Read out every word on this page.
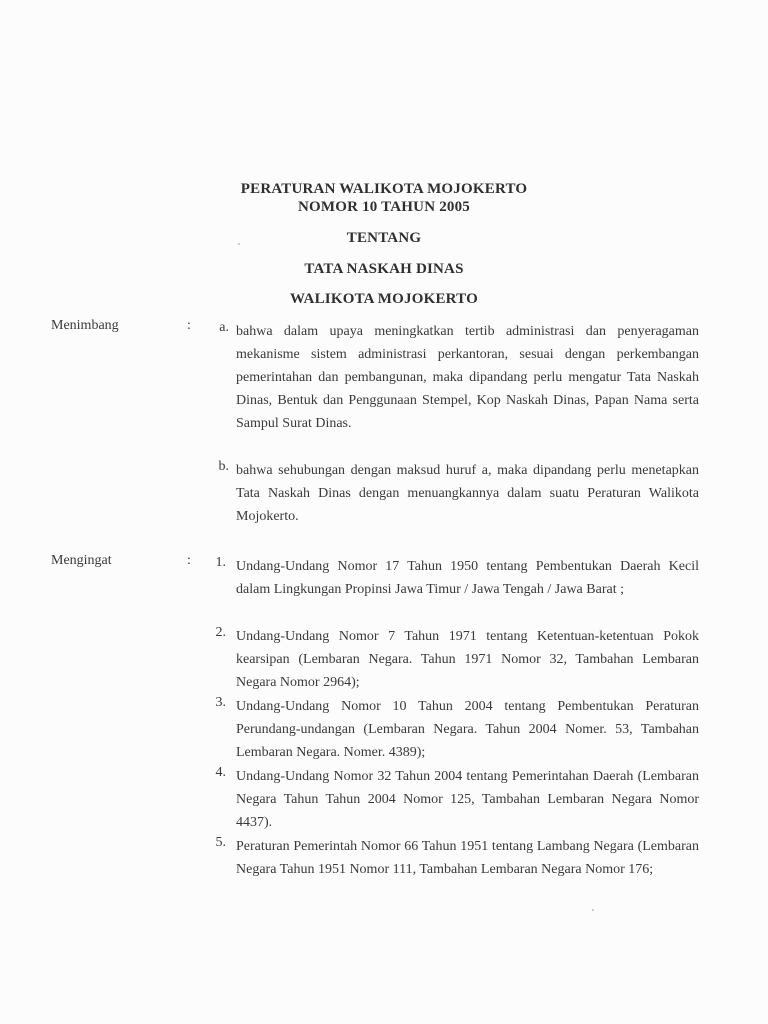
PERATURAN WALIKOTA MOJOKERTO
NOMOR 10 TAHUN 2005
TENTANG
TATA NASKAH DINAS
WALIKOTA MOJOKERTO
Menimbang	:	a. bahwa dalam upaya meningkatkan tertib administrasi dan penyeragaman mekanisme sistem administrasi perkantoran, sesuai dengan perkembangan pemerintahan dan pembangunan, maka dipandang perlu mengatur Tata Naskah Dinas, Bentuk dan Penggunaan Stempel, Kop Naskah Dinas, Papan Nama serta Sampul Surat Dinas.
b. bahwa sehubungan dengan maksud huruf a, maka dipandang perlu menetapkan Tata Naskah Dinas dengan menuangkannya dalam suatu Peraturan Walikota Mojokerto.
Mengingat	:	1. Undang-Undang Nomor 17 Tahun 1950 tentang Pembentukan Daerah Kecil dalam Lingkungan Propinsi Jawa Timur / Jawa Tengah / Jawa Barat ;
2. Undang-Undang Nomor 7 Tahun 1971 tentang Ketentuan-ketentuan Pokok kearsipan (Lembaran Negara. Tahun 1971 Nomor 32, Tambahan Lembaran Negara Nomor 2964);
3. Undang-Undang Nomor 10 Tahun 2004 tentang Pembentukan Peraturan Perundang-undangan (Lembaran Negara. Tahun 2004 Nomer. 53, Tambahan Lembaran Negara. Nomer. 4389);
4. Undang-Undang Nomor 32 Tahun 2004 tentang Pemerintahan Daerah (Lembaran Negara Tahun Tahun 2004 Nomor 125, Tambahan Lembaran Negara Nomor 4437).
5. Peraturan Pemerintah Nomor 66 Tahun 1951 tentang Lambang Negara (Lembaran Negara Tahun 1951 Nomor 111, Tambahan Lembaran Negara Nomor 176;
